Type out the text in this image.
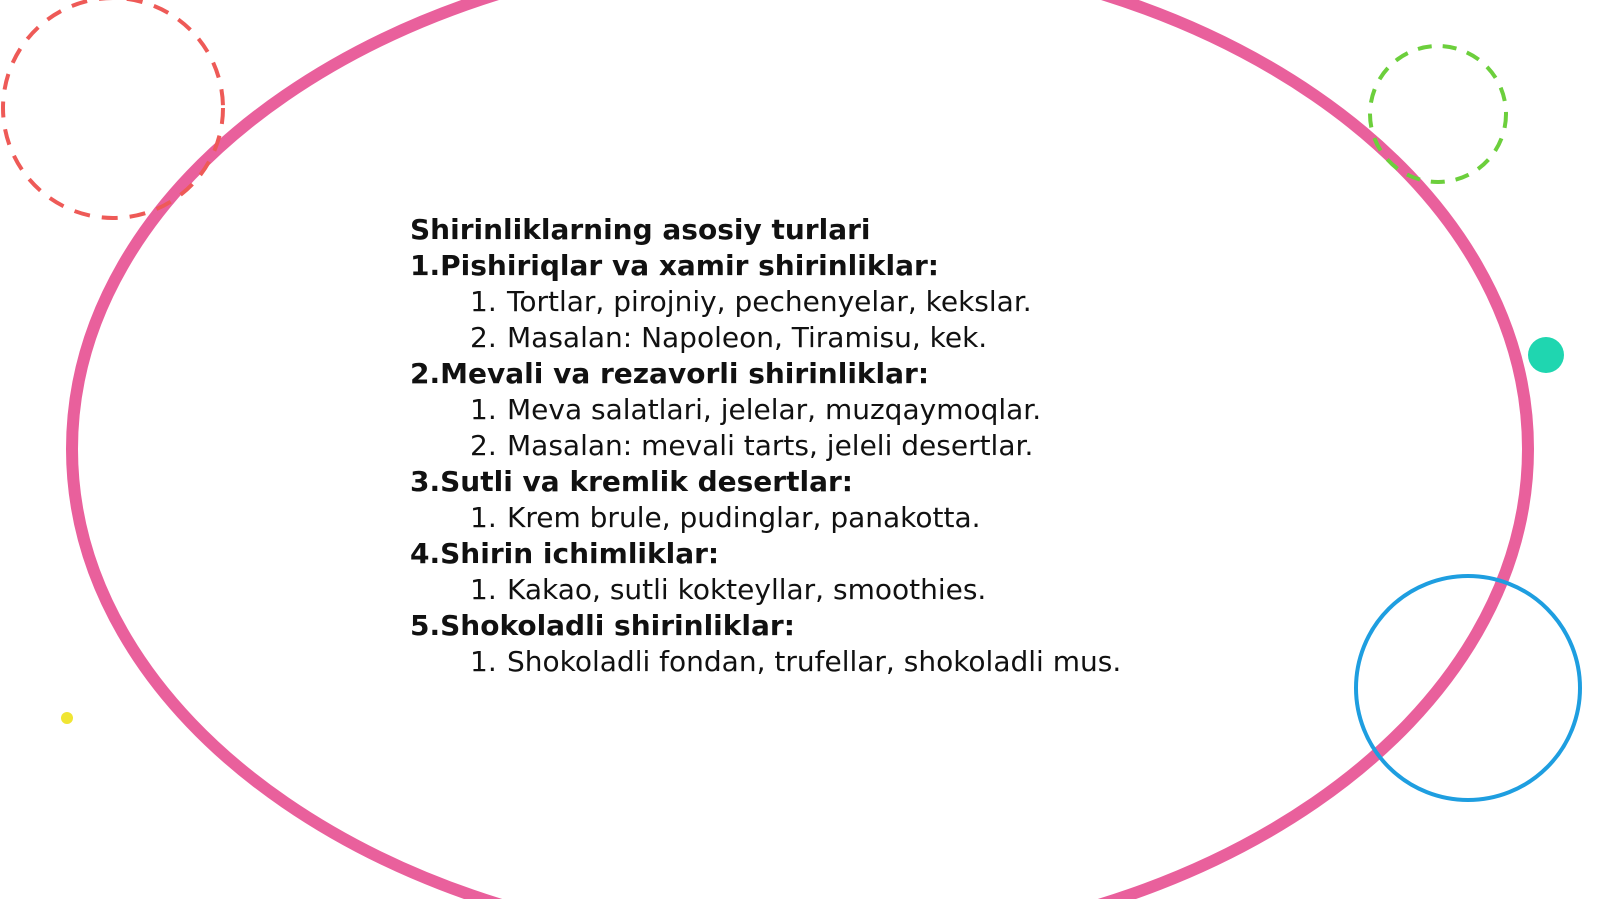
Shirinliklarning asosiy turlari
1. Pishiriqlar va xamir shirinliklar:
1. Tortlar, pirojniy, pechenyelar, kekslar.
2. Masalan: Napoleon, Tiramisu, kek.
2. Mevali va rezavorli shirinliklar:
1. Meva salatlari, jelelar, muzqaymoqlar.
2. Masalan: mevali tarts, jeleli desertlar.
3. Sutli va kremlik desertlar:
1. Krem brule, pudinglar, panakotta.
4. Shirin ichimliklar:
1. Kakao, sutli kokteyllar, smoothies.
5. Shokoladli shirinliklar:
1. Shokoladli fondan, trufellar, shokoladli mus.
